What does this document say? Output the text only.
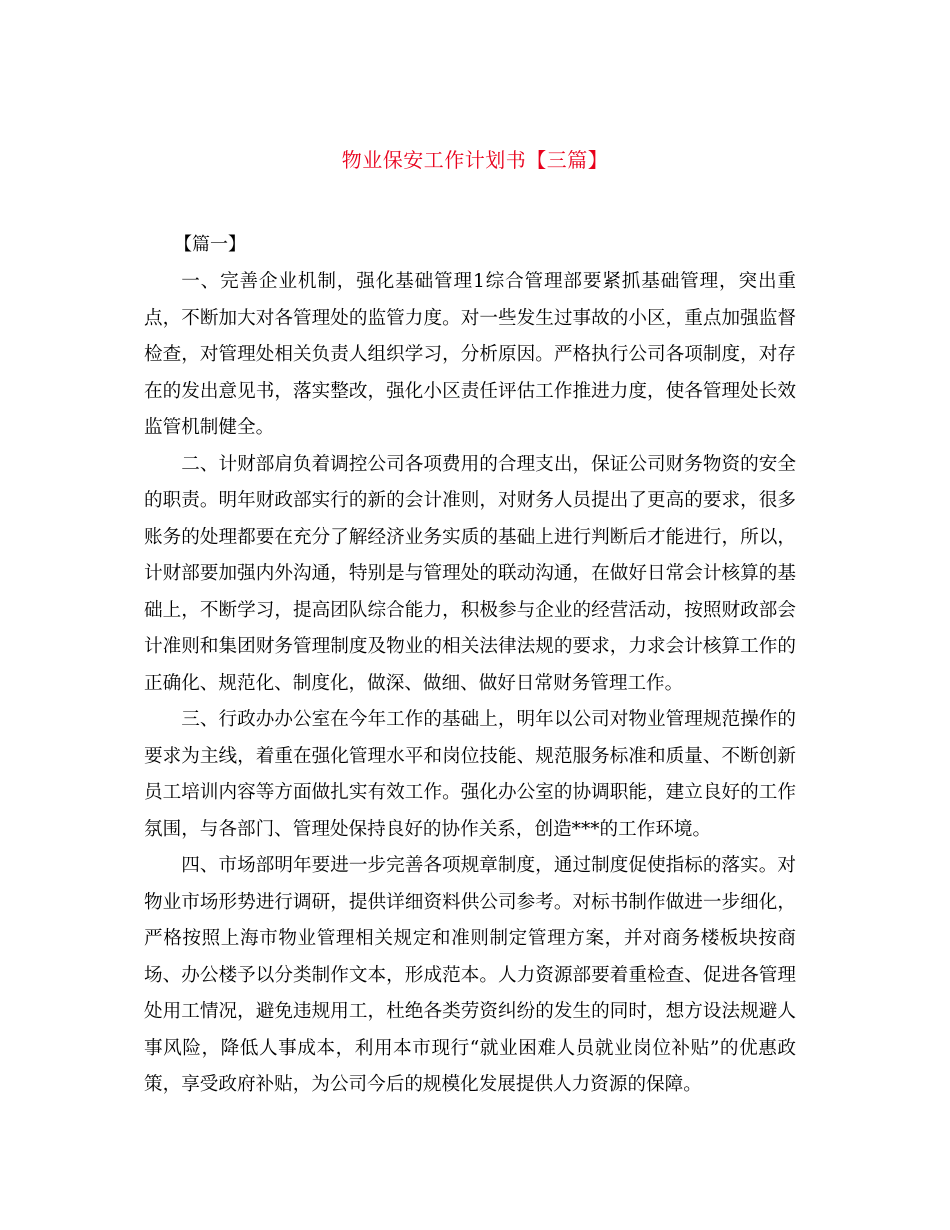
物业保安工作计划书【三篇】
【篇一】

一、完善企业机制，强化基础管理1综合管理部要紧抓基础管理，突出重点，不断加大对各管理处的监管力度。对一些发生过事故的小区，重点加强监督检查，对管理处相关负责人组织学习，分析原因。严格执行公司各项制度，对存在的发出意见书，落实整改，强化小区责任评估工作推进力度，使各管理处长效监管机制健全。

二、计财部肩负着调控公司各项费用的合理支出，保证公司财务物资的安全的职责。明年财政部实行的新的会计准则，对财务人员提出了更高的要求，很多账务的处理都要在充分了解经济业务实质的基础上进行判断后才能进行，所以，计财部要加强内外沟通，特别是与管理处的联动沟通，在做好日常会计核算的基础上，不断学习，提高团队综合能力，积极参与企业的经营活动，按照财政部会计准则和集团财务管理制度及物业的相关法律法规的要求，力求会计核算工作的正确化、规范化、制度化，做深、做细、做好日常财务管理工作。

三、行政办办公室在今年工作的基础上，明年以公司对物业管理规范操作的要求为主线，着重在强化管理水平和岗位技能、规范服务标准和质量、不断创新员工培训内容等方面做扎实有效工作。强化办公室的协调职能，建立良好的工作氛围，与各部门、管理处保持良好的协作关系，创造***的工作环境。

四、市场部明年要进一步完善各项规章制度，通过制度促使指标的落实。对物业市场形势进行调研，提供详细资料供公司参考。对标书制作做进一步细化，严格按照上海市物业管理相关规定和准则制定管理方案，并对商务楼板块按商场、办公楼予以分类制作文本，形成范本。人力资源部要着重检查、促进各管理处用工情况，避免违规用工，杜绝各类劳资纠纷的发生的同时，想方设法规避人事风险，降低人事成本，利用本市现行“就业困难人员就业岗位补贴”的优惠政策，享受政府补贴，为公司今后的规模化发展提供人力资源的保障。
